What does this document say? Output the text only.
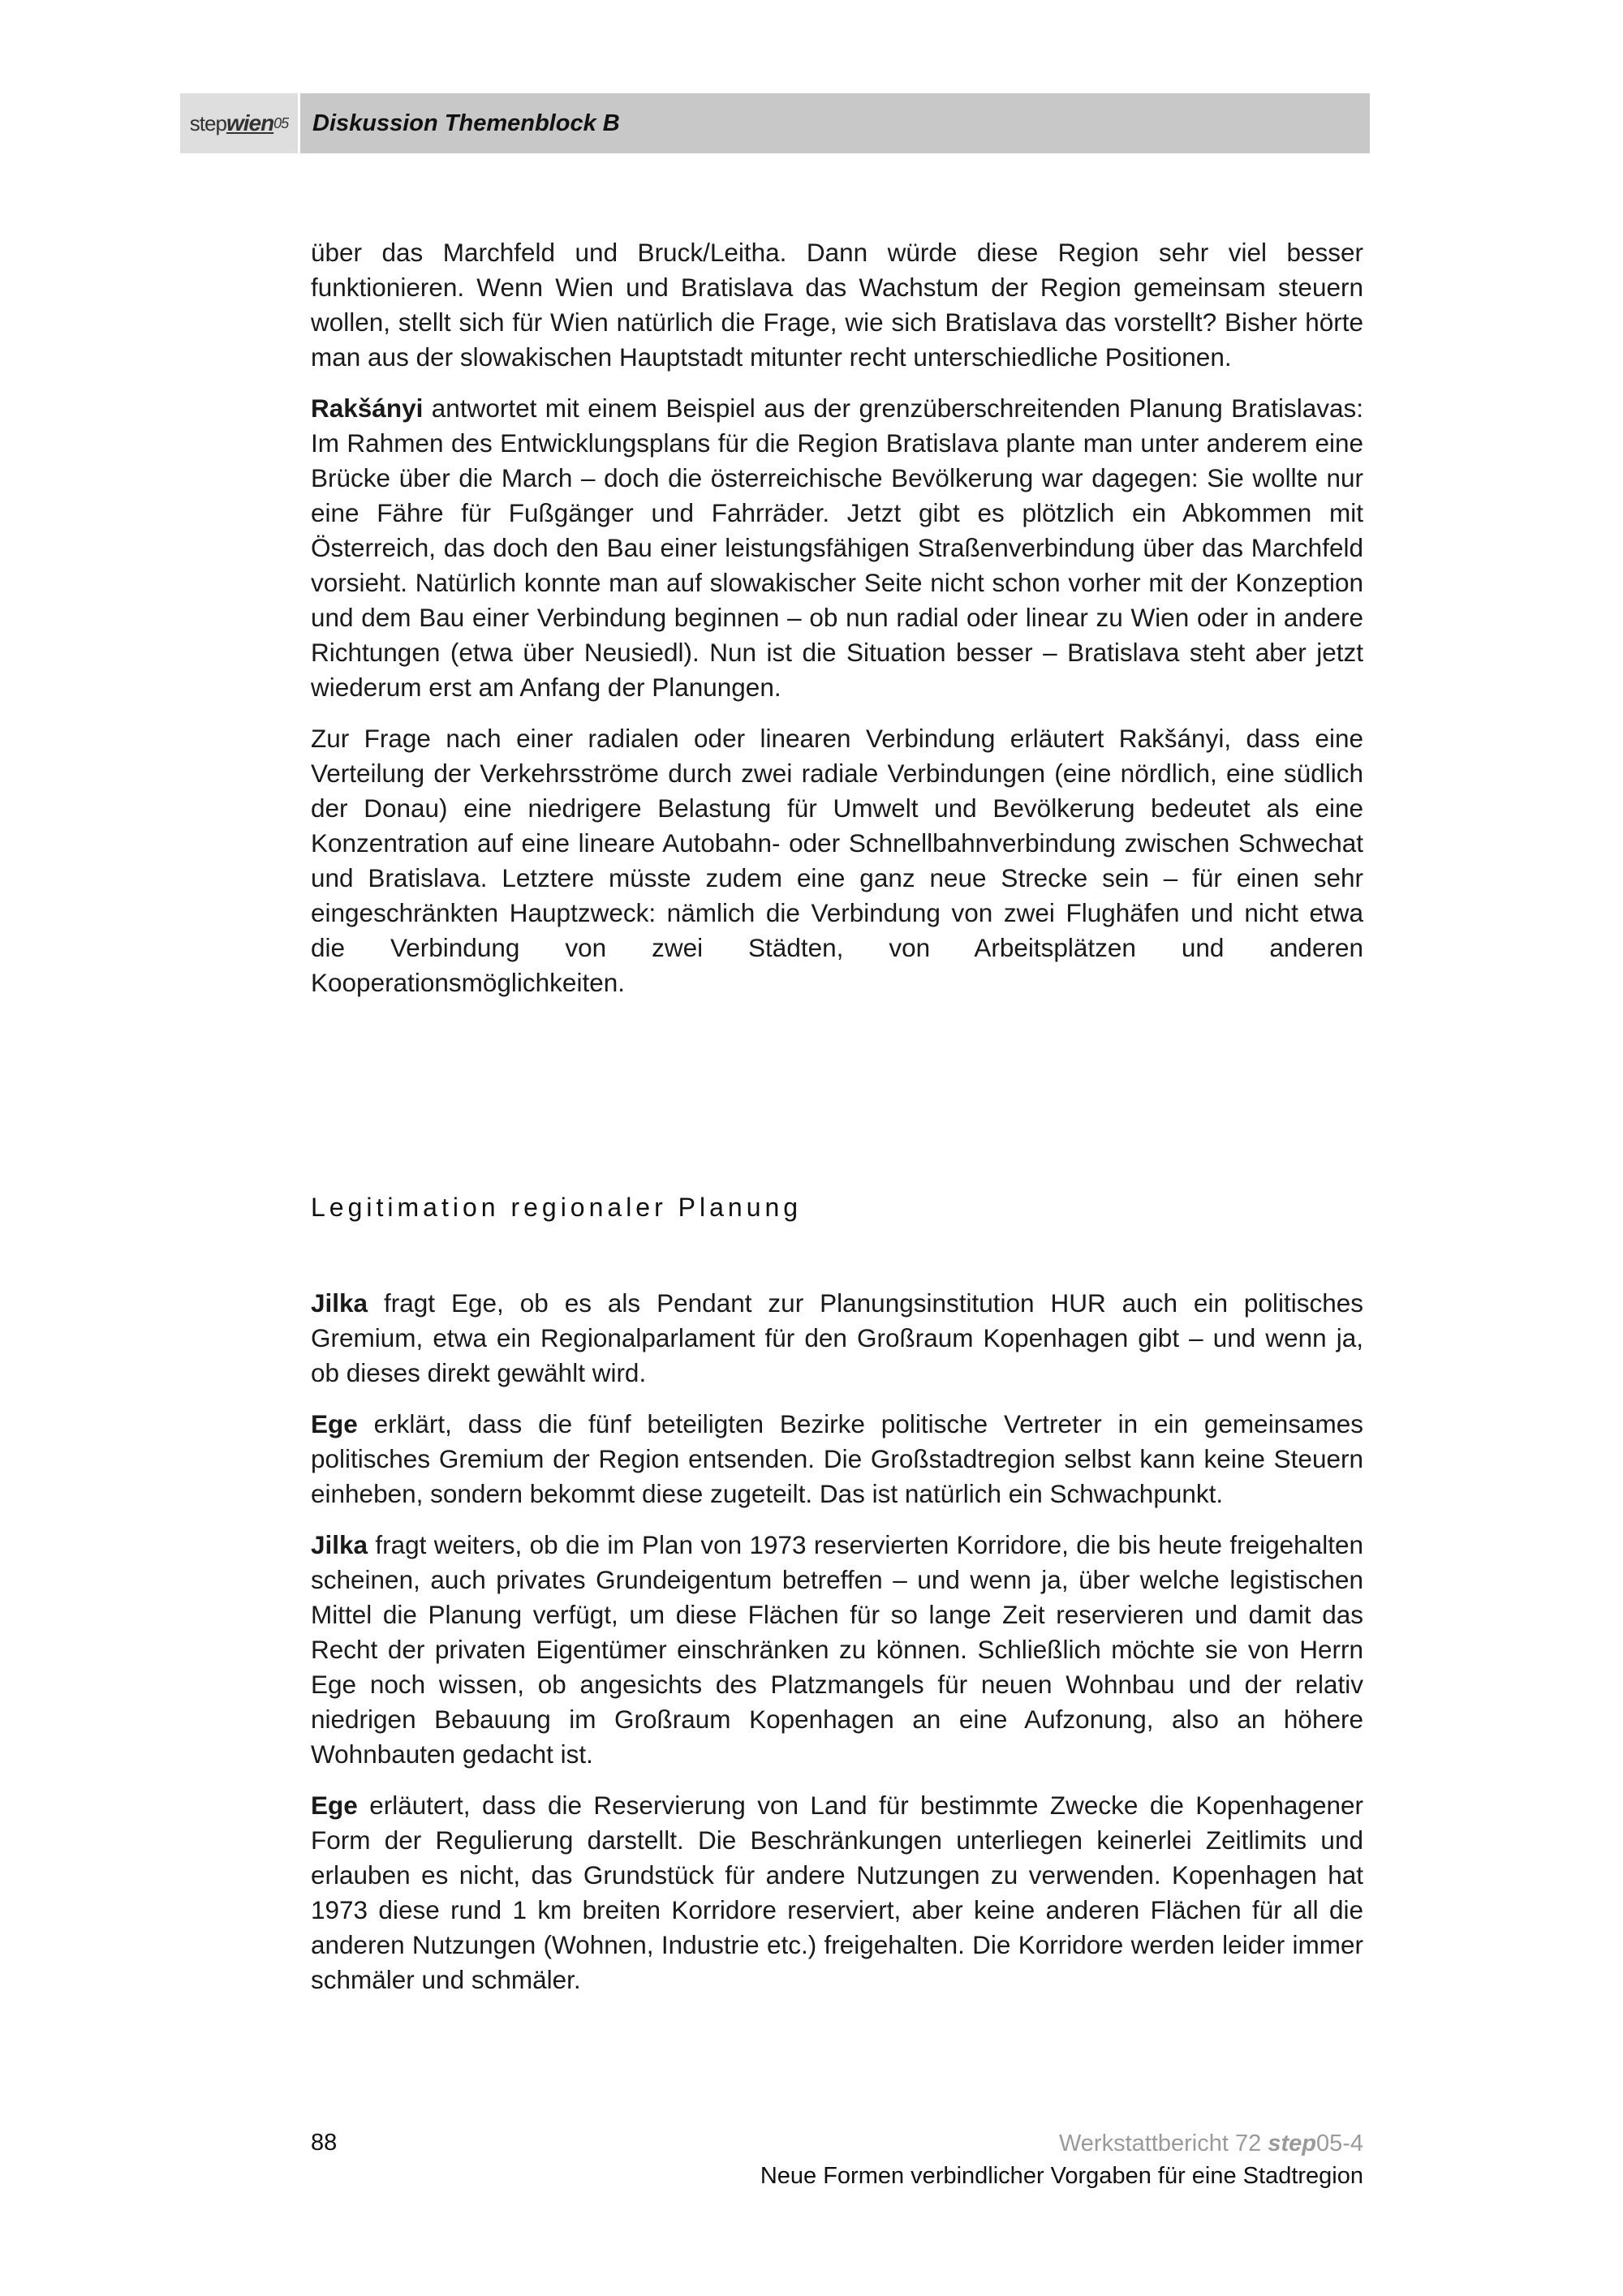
step wien 05 Diskussion Themenblock B

über das Marchfeld und Bruck/Leitha. Dann würde diese Region sehr viel besser funktionieren. Wenn Wien und Bratislava das Wachstum der Region gemeinsam steuern wollen, stellt sich für Wien natürlich die Frage, wie sich Bratislava das vorstellt? Bisher hörte man aus der slowakischen Hauptstadt mitunter recht unterschiedliche Positionen.

Rakšányi antwortet mit einem Beispiel aus der grenzüberschreitenden Planung Bratislavas: Im Rahmen des Entwicklungsplans für die Region Bratislava plante man unter anderem eine Brücke über die March – doch die österreichische Bevölkerung war dagegen: Sie wollte nur eine Fähre für Fußgänger und Fahrräder. Jetzt gibt es plötzlich ein Abkommen mit Österreich, das doch den Bau einer leistungsfähigen Straßenverbindung über das Marchfeld vorsieht. Natürlich konnte man auf slowakischer Seite nicht schon vorher mit der Konzeption und dem Bau einer Verbindung beginnen – ob nun radial oder linear zu Wien oder in andere Richtungen (etwa über Neusiedl). Nun ist die Situation besser – Bratislava steht aber jetzt wiederum erst am Anfang der Planungen.

Zur Frage nach einer radialen oder linearen Verbindung erläutert Rakšányi, dass eine Verteilung der Verkehrsströme durch zwei radiale Verbindungen (eine nördlich, eine südlich der Donau) eine niedrigere Belastung für Umwelt und Bevölkerung bedeutet als eine Konzentration auf eine lineare Autobahn- oder Schnellbahnverbindung zwischen Schwechat und Bratislava. Letztere müsste zudem eine ganz neue Strecke sein – für einen sehr eingeschränkten Hauptzweck: nämlich die Verbindung von zwei Flughäfen und nicht etwa die Verbindung von zwei Städten, von Arbeitsplätzen und anderen Kooperationsmöglichkeiten.

Legitimation regionaler Planung

Jilka fragt Ege, ob es als Pendant zur Planungsinstitution HUR auch ein politisches Gremium, etwa ein Regionalparlament für den Großraum Kopenhagen gibt – und wenn ja, ob dieses direkt gewählt wird.

Ege erklärt, dass die fünf beteiligten Bezirke politische Vertreter in ein gemeinsames politisches Gremium der Region entsenden. Die Großstadtregion selbst kann keine Steuern einheben, sondern bekommt diese zugeteilt. Das ist natürlich ein Schwachpunkt.

Jilka fragt weiters, ob die im Plan von 1973 reservierten Korridore, die bis heute freigehalten scheinen, auch privates Grundeigentum betreffen – und wenn ja, über welche legistischen Mittel die Planung verfügt, um diese Flächen für so lange Zeit reservieren und damit das Recht der privaten Eigentümer einschränken zu können. Schließlich möchte sie von Herrn Ege noch wissen, ob angesichts des Platzmangels für neuen Wohnbau und der relativ niedrigen Bebauung im Großraum Kopenhagen an eine Aufzonung, also an höhere Wohnbauten gedacht ist.

Ege erläutert, dass die Reservierung von Land für bestimmte Zwecke die Kopenhagener Form der Regulierung darstellt. Die Beschränkungen unterliegen keinerlei Zeitlimits und erlauben es nicht, das Grundstück für andere Nutzungen zu verwenden. Kopenhagen hat 1973 diese rund 1 km breiten Korridore reserviert, aber keine anderen Flächen für all die anderen Nutzungen (Wohnen, Industrie etc.) freigehalten. Die Korridore werden leider immer schmäler und schmäler.

88	Werkstattbericht 72 step05-4
Neue Formen verbindlicher Vorgaben für eine Stadtregion
